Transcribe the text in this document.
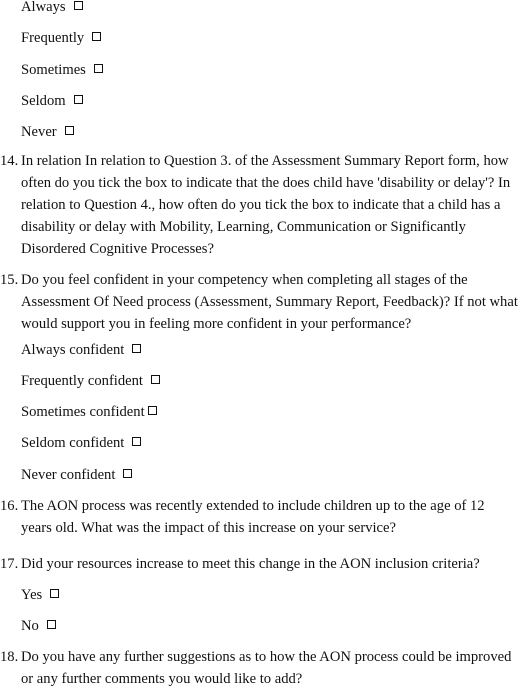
Always
Frequently
Sometimes
Seldom
Never
14. In relation In relation to Question 3. of the Assessment Summary Report form, how often do you tick the box to indicate that the does child have 'disability or delay'? In relation to Question 4., how often do you tick the box to indicate that a child has a disability or delay with Mobility, Learning, Communication or Significantly Disordered Cognitive Processes?
15. Do you feel confident in your competency when completing all stages of the Assessment Of Need process (Assessment, Summary Report, Feedback)? If not what would support you in feeling more confident in your performance?
Always confident
Frequently confident
Sometimes confident
Seldom confident
Never confident
16. The AON process was recently extended to include children up to the age of 12 years old. What was the impact of this increase on your service?
17. Did your resources increase to meet this change in the AON inclusion criteria?
Yes
No
18. Do you have any further suggestions as to how the AON process could be improved or any further comments you would like to add?
